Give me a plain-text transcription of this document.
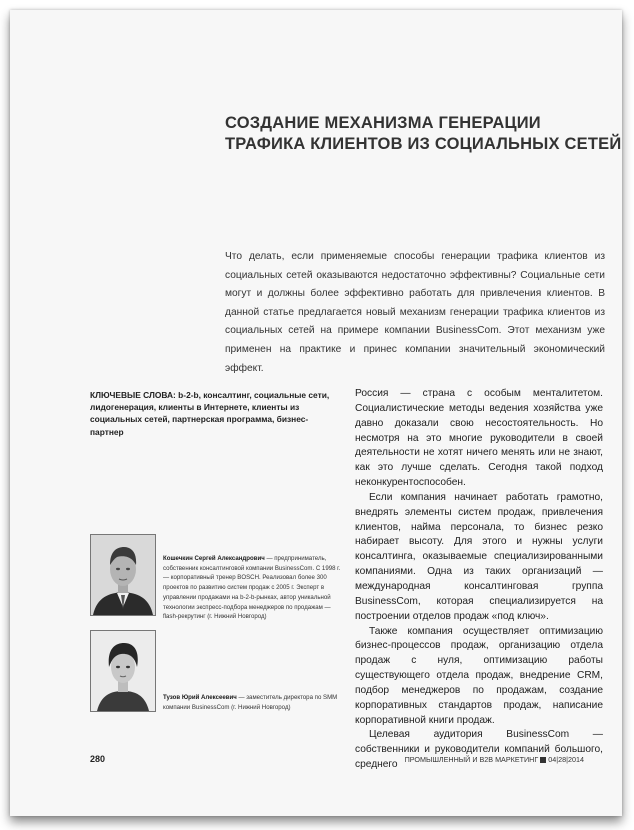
СОЗДАНИЕ МЕХАНИЗМА ГЕНЕРАЦИИ
ТРАФИКА КЛИЕНТОВ ИЗ СОЦИАЛЬНЫХ СЕТЕЙ

Что делать, если применяемые способы генерации трафика клиентов из социальных сетей оказываются недостаточно эффективны? Социальные сети могут и должны более эффективно работать для привлечения клиентов. В данной статье предлагается новый механизм генерации трафика клиентов из социальных сетей на примере компании BusinessCom. Этот механизм уже применен на практике и принес компании значительный экономический эффект.

КЛЮЧЕВЫЕ СЛОВА: b-2-b, консалтинг, социальные сети, лидогенерация, клиенты в Интернете, клиенты из социальных сетей, партнерская программа, бизнес-партнер

Кошечкин Сергей Александрович — предприниматель, собственник консалтинговой компании BusinessCom. С 1998 г. — корпоративный тренер BOSCH. Реализовал более 300 проектов по развитию систем продаж с 2005 г. Эксперт в управлении продажами на b-2-b-рынках, автор уникальной технологии экспресс-подбора менеджеров по продажам — flash-рекрутинг (г. Нижний Новгород)

Тузов Юрий Алексеевич — заместитель директора по SMM компании BusinessCom (г. Нижний Новгород)

Россия — страна с особым менталитетом. Социалистические методы ведения хозяйства уже давно доказали свою несостоятельность. Но несмотря на это многие руководители в своей деятельности не хотят ничего менять или не знают, как это лучше сделать. Сегодня такой подход неконкурентоспособен.

Если компания начинает работать грамотно, внедрять элементы систем продаж, привлечения клиентов, найма персонала, то бизнес резко набирает высоту. Для этого и нужны услуги консалтинга, оказываемые специализированными компаниями. Одна из таких организаций — международная консалтинговая группа BusinessCom, которая специализируется на построении отделов продаж «под ключ».

Также компания осуществляет оптимизацию бизнес-процессов продаж, организацию отдела продаж с нуля, оптимизацию работы существующего отдела продаж, внедрение CRM, подбор менеджеров по продажам, создание корпоративных стандартов продаж, написание корпоративной книги продаж.

Целевая аудитория BusinessCom — собственники и руководители компаний большого, среднего

280	ПРОМЫШЛЕННЫЙ И B2B МАРКЕТИНГ 04|28|2014
